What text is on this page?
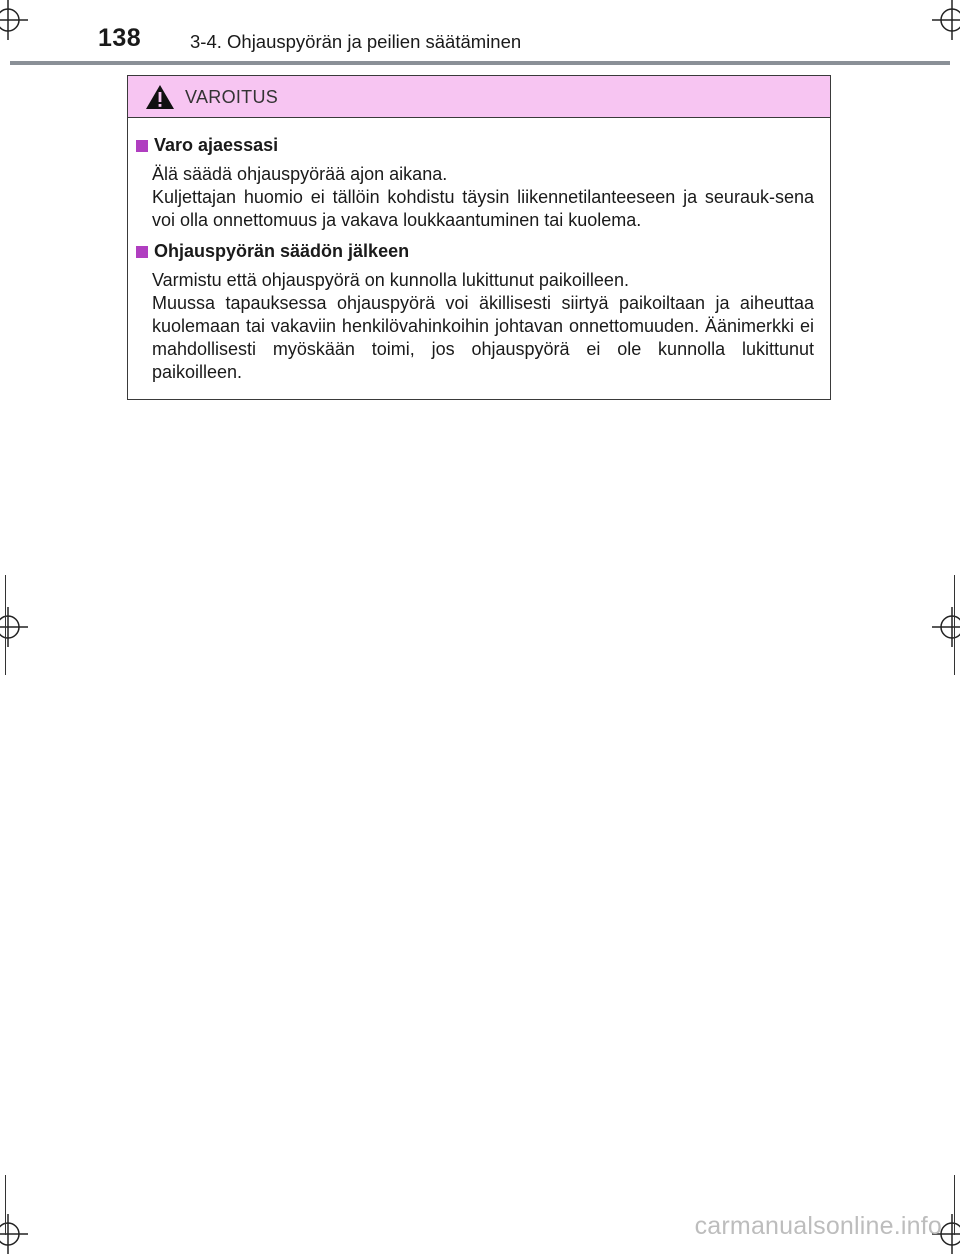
138	3-4. Ohjauspyörän ja peilien säätäminen
VAROITUS
Varo ajaessasi
Älä säädä ohjauspyörää ajon aikana.
Kuljettajan huomio ei tällöin kohdistu täysin liikennetilanteeseen ja seurauk-sena voi olla onnettomuus ja vakava loukkaantuminen tai kuolema.
Ohjauspyörän säädön jälkeen
Varmistu että ohjauspyörä on kunnolla lukittunut paikoilleen.
Muussa tapauksessa ohjauspyörä voi äkillisesti siirtyä paikoiltaan ja aiheuttaa kuolemaan tai vakaviin henkilövahinkoihin johtavan onnettomuuden. Äänimerkki ei mahdollisesti myöskään toimi, jos ohjauspyörä ei ole kunnolla lukittunut paikoilleen.
carmanualsonline.info
